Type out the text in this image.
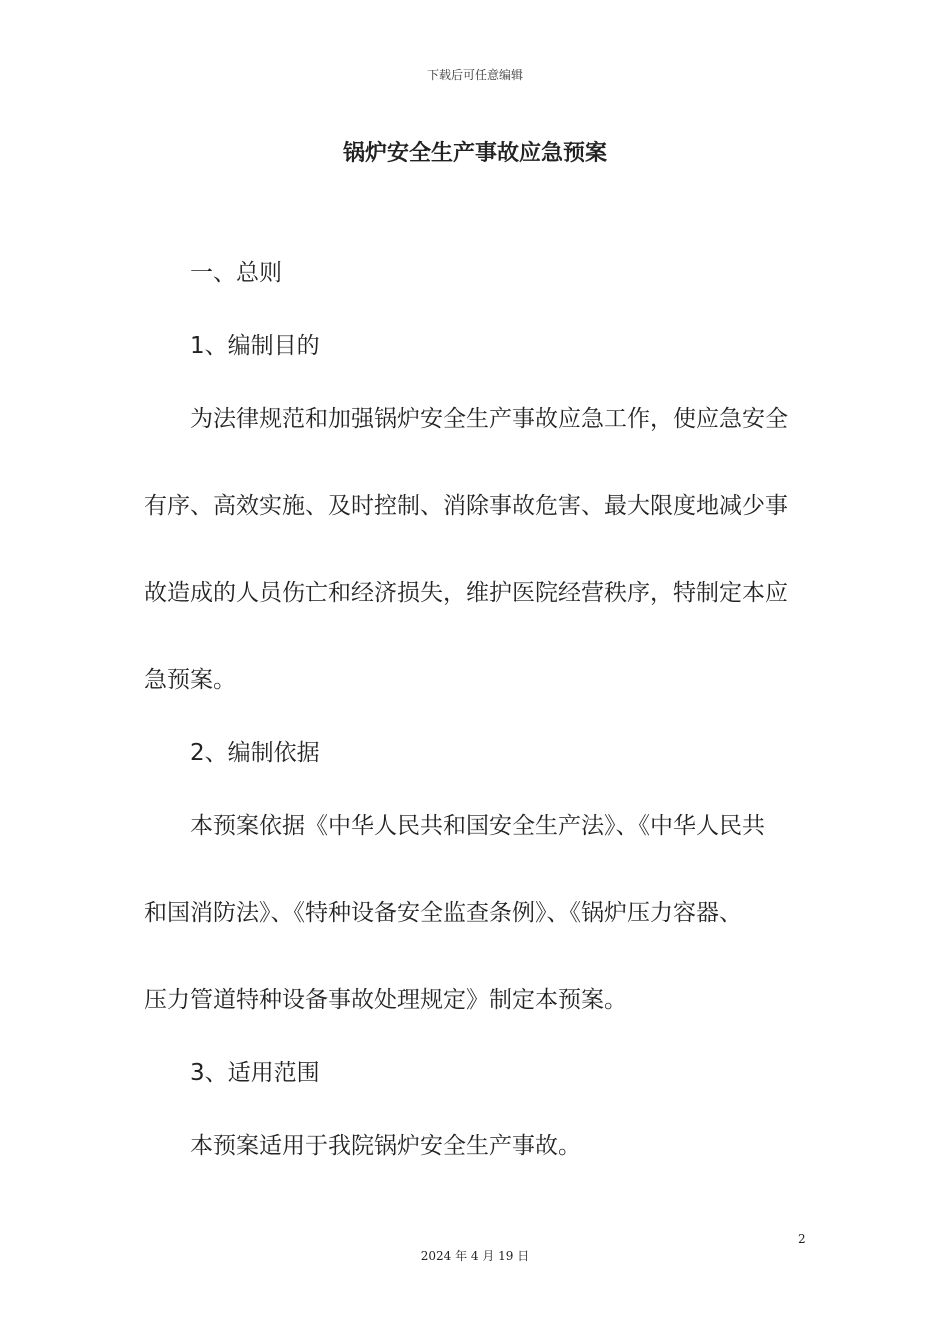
下载后可任意编辑
锅炉安全生产事故应急预案
一、总则
1、编制目的
为法律规范和加强锅炉安全生产事故应急工作，使应急安全
有序、高效实施、及时控制、消除事故危害、最大限度地减少事
故造成的人员伤亡和经济损失，维护医院经营秩序，特制定本应
急预案。
2、编制依据
本预案依据《中华人民共和国安全生产法》、《中华人民共
和国消防法》、《特种设备安全监查条例》、《锅炉压力容器、
压力管道特种设备事故处理规定》制定本预案。
3、适用范围
本预案适用于我院锅炉安全生产事故。
2
2024 年 4 月 19 日
